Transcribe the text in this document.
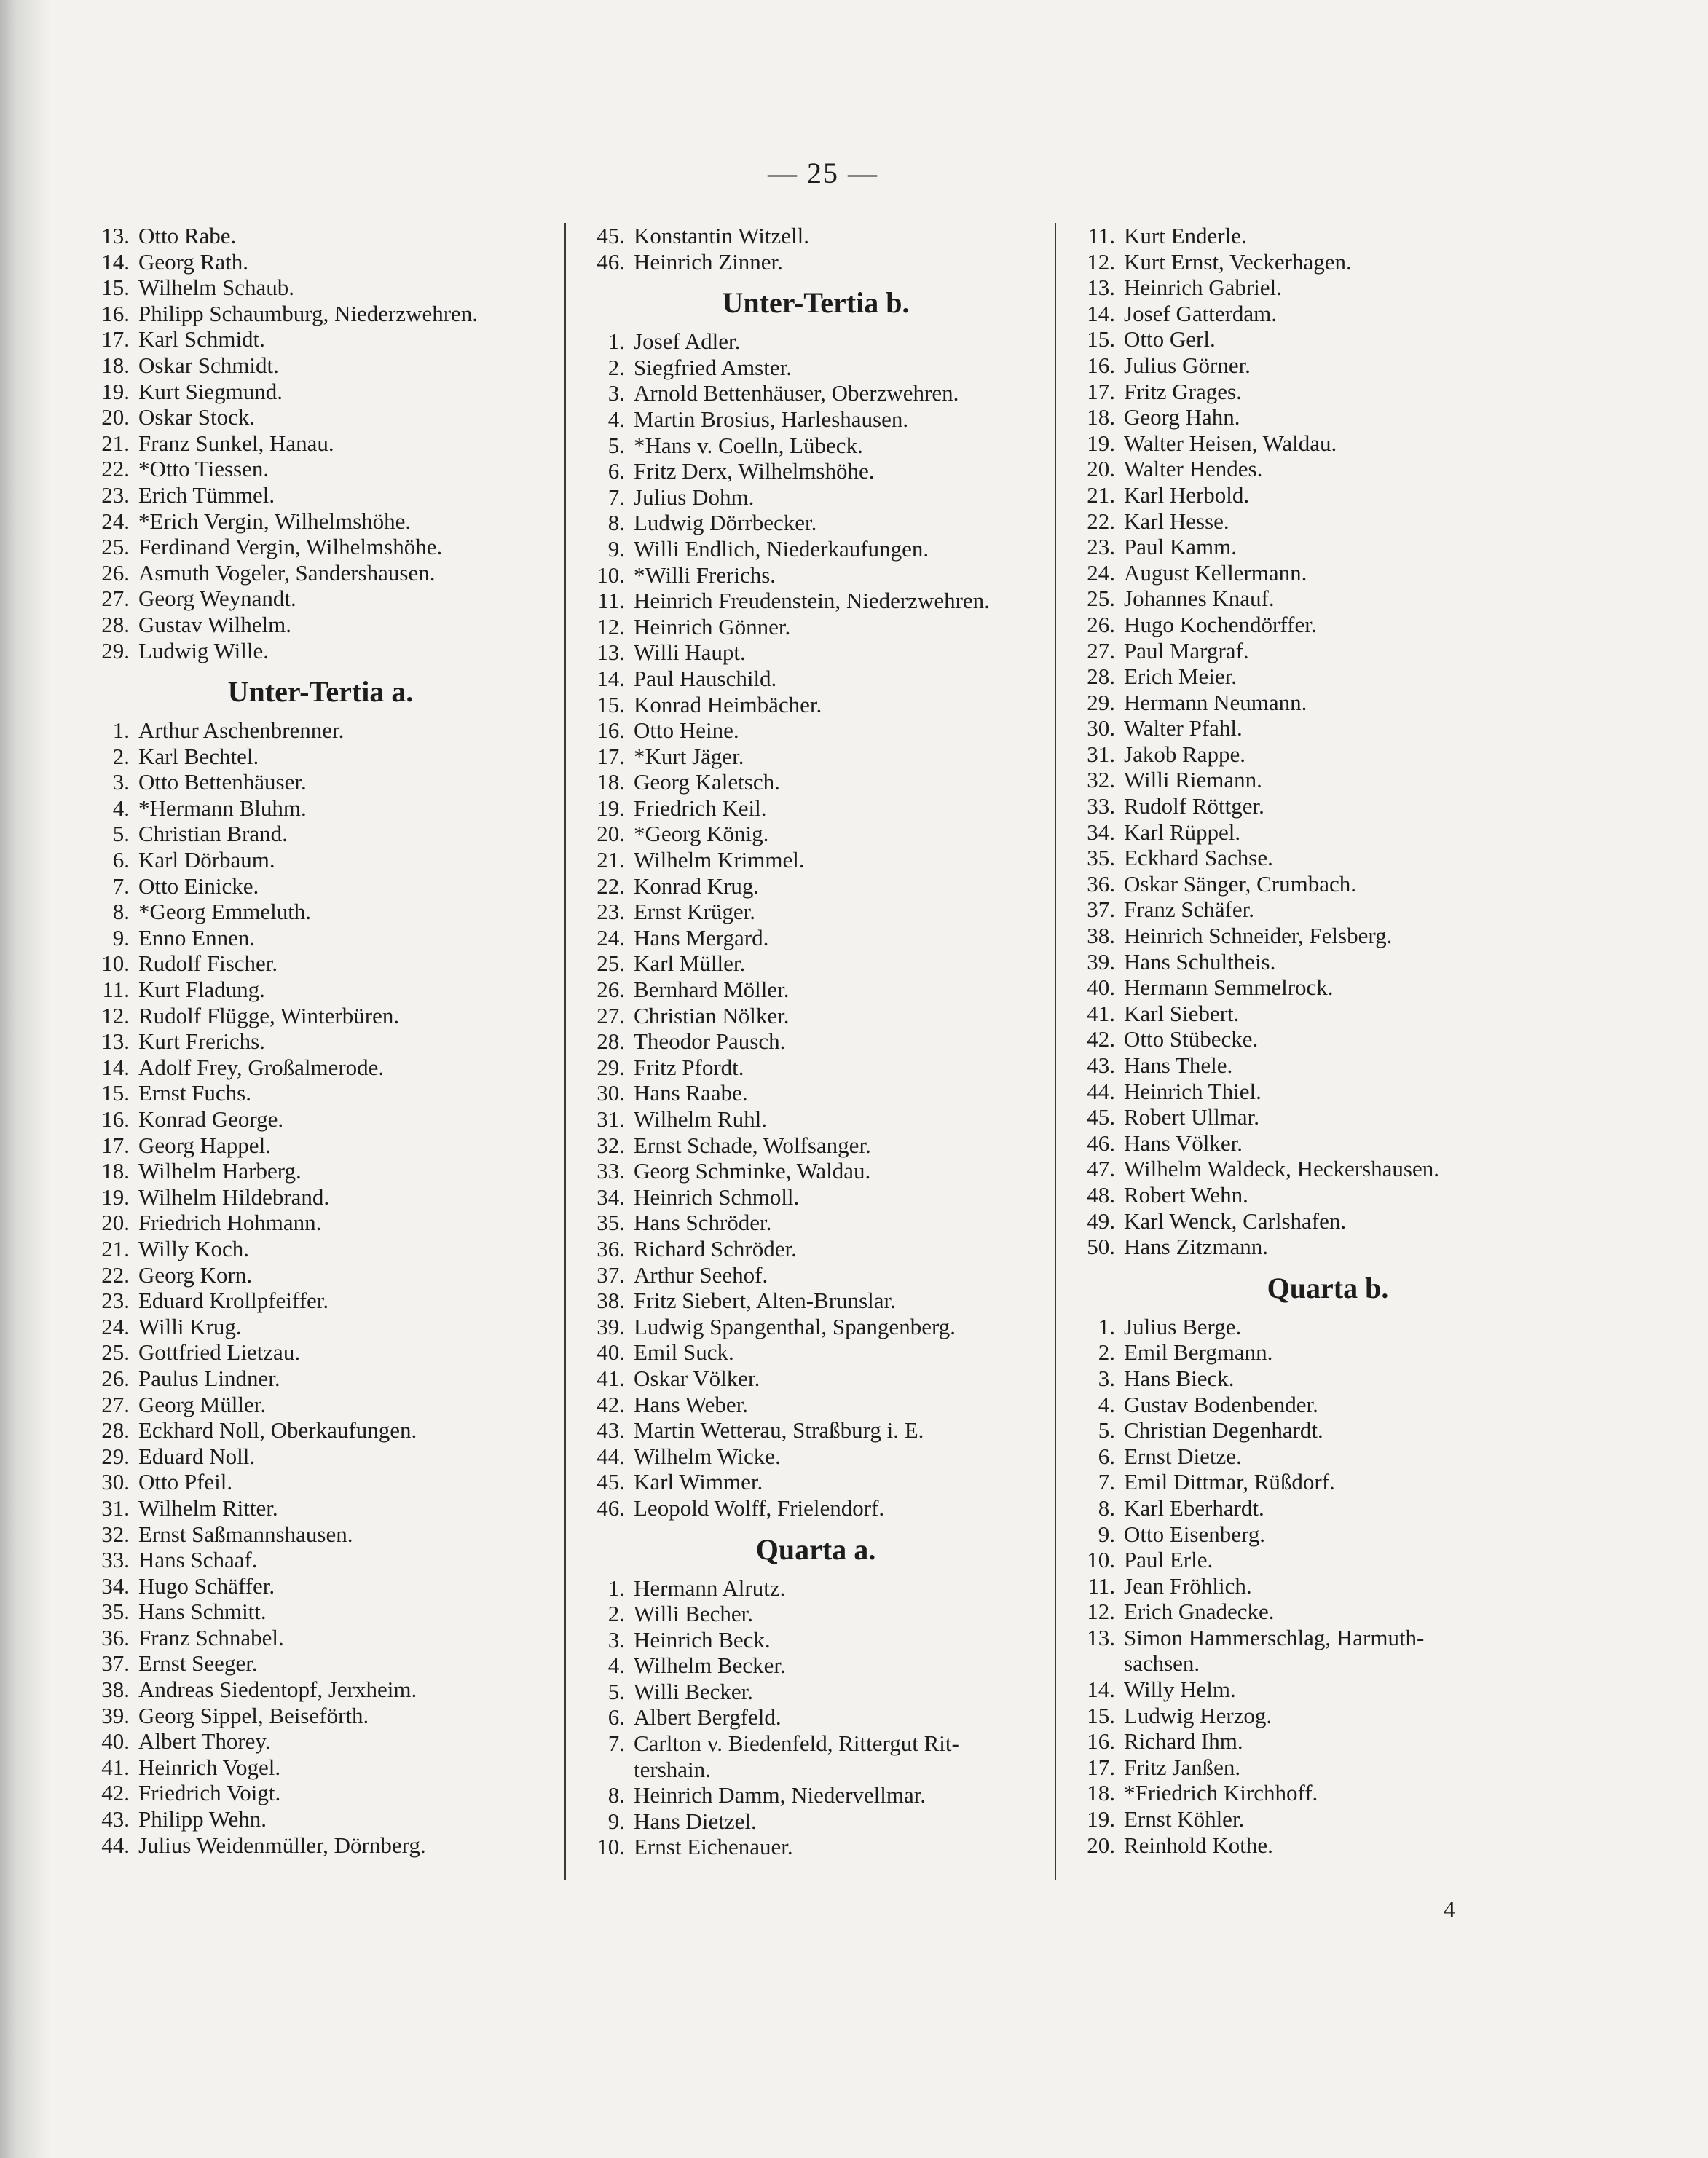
— 25 —
13. Otto Rabe.
14. Georg Rath.
15. Wilhelm Schaub.
16. Philipp Schaumburg, Niederzwehren.
17. Karl Schmidt.
18. Oskar Schmidt.
19. Kurt Siegmund.
20. Oskar Stock.
21. Franz Sunkel, Hanau.
22. *Otto Tiessen.
23. Erich Tümmel.
24. *Erich Vergin, Wilhelmshöhe.
25. Ferdinand Vergin, Wilhelmshöhe.
26. Asmuth Vogeler, Sandershausen.
27. Georg Weynandt.
28. Gustav Wilhelm.
29. Ludwig Wille.
Unter-Tertia a.
1. Arthur Aschenbrenner.
2. Karl Bechtel.
3. Otto Bettenhäuser.
4. *Hermann Bluhm.
5. Christian Brand.
6. Karl Dörbaum.
7. Otto Einicke.
8. *Georg Emmeluth.
9. Enno Ennen.
10. Rudolf Fischer.
11. Kurt Fladung.
12. Rudolf Flügge, Winterbüren.
13. Kurt Frerichs.
14. Adolf Frey, Großalmerode.
15. Ernst Fuchs.
16. Konrad George.
17. Georg Happel.
18. Wilhelm Harberg.
19. Wilhelm Hildebrand.
20. Friedrich Hohmann.
21. Willy Koch.
22. Georg Korn.
23. Eduard Krollpfeiffer.
24. Willi Krug.
25. Gottfried Lietzau.
26. Paulus Lindner.
27. Georg Müller.
28. Eckhard Noll, Oberkaufungen.
29. Eduard Noll.
30. Otto Pfeil.
31. Wilhelm Ritter.
32. Ernst Saßmannshausen.
33. Hans Schaaf.
34. Hugo Schäffer.
35. Hans Schmitt.
36. Franz Schnabel.
37. Ernst Seeger.
38. Andreas Siedentopf, Jerxheim.
39. Georg Sippel, Beiseförth.
40. Albert Thorey.
41. Heinrich Vogel.
42. Friedrich Voigt.
43. Philipp Wehn.
44. Julius Weidenmüller, Dörnberg.
45. Konstantin Witzell.
46. Heinrich Zinner.
Unter-Tertia b.
1. Josef Adler.
2. Siegfried Amster.
3. Arnold Bettenhäuser, Oberzwehren.
4. Martin Brosius, Harleshausen.
5. *Hans v. Coelln, Lübeck.
6. Fritz Derx, Wilhelmshöhe.
7. Julius Dohm.
8. Ludwig Dörrbecker.
9. Willi Endlich, Niederkaufungen.
10. *Willi Frerichs.
11. Heinrich Freudenstein, Niederzwehren.
12. Heinrich Gönner.
13. Willi Haupt.
14. Paul Hauschild.
15. Konrad Heimbächer.
16. Otto Heine.
17. *Kurt Jäger.
18. Georg Kaletsch.
19. Friedrich Keil.
20. *Georg König.
21. Wilhelm Krimmel.
22. Konrad Krug.
23. Ernst Krüger.
24. Hans Mergard.
25. Karl Müller.
26. Bernhard Möller.
27. Christian Nölker.
28. Theodor Pausch.
29. Fritz Pfordt.
30. Hans Raabe.
31. Wilhelm Ruhl.
32. Ernst Schade, Wolfsanger.
33. Georg Schminke, Waldau.
34. Heinrich Schmoll.
35. Hans Schröder.
36. Richard Schröder.
37. Arthur Seehof.
38. Fritz Siebert, Alten-Brunslar.
39. Ludwig Spangenthal, Spangenberg.
40. Emil Suck.
41. Oskar Völker.
42. Hans Weber.
43. Martin Wetterau, Straßburg i. E.
44. Wilhelm Wicke.
45. Karl Wimmer.
46. Leopold Wolff, Frielendorf.
Quarta a.
1. Hermann Alrutz.
2. Willi Becher.
3. Heinrich Beck.
4. Wilhelm Becker.
5. Willi Becker.
6. Albert Bergfeld.
7. Carlton v. Biedenfeld, Rittergut Rit-
tershain.
8. Heinrich Damm, Niedervellmar.
9. Hans Dietzel.
10. Ernst Eichenauer.
11. Kurt Enderle.
12. Kurt Ernst, Veckerhagen.
13. Heinrich Gabriel.
14. Josef Gatterdam.
15. Otto Gerl.
16. Julius Görner.
17. Fritz Grages.
18. Georg Hahn.
19. Walter Heisen, Waldau.
20. Walter Hendes.
21. Karl Herbold.
22. Karl Hesse.
23. Paul Kamm.
24. August Kellermann.
25. Johannes Knauf.
26. Hugo Kochendörffer.
27. Paul Margraf.
28. Erich Meier.
29. Hermann Neumann.
30. Walter Pfahl.
31. Jakob Rappe.
32. Willi Riemann.
33. Rudolf Röttger.
34. Karl Rüppel.
35. Eckhard Sachse.
36. Oskar Sänger, Crumbach.
37. Franz Schäfer.
38. Heinrich Schneider, Felsberg.
39. Hans Schultheis.
40. Hermann Semmelrock.
41. Karl Siebert.
42. Otto Stübecke.
43. Hans Thele.
44. Heinrich Thiel.
45. Robert Ullmar.
46. Hans Völker.
47. Wilhelm Waldeck, Heckershausen.
48. Robert Wehn.
49. Karl Wenck, Carlshafen.
50. Hans Zitzmann.
Quarta b.
1. Julius Berge.
2. Emil Bergmann.
3. Hans Bieck.
4. Gustav Bodenbender.
5. Christian Degenhardt.
6. Ernst Dietze.
7. Emil Dittmar, Rüßdorf.
8. Karl Eberhardt.
9. Otto Eisenberg.
10. Paul Erle.
11. Jean Fröhlich.
12. Erich Gnadecke.
13. Simon Hammerschlag, Harmuth-
sachsen.
14. Willy Helm.
15. Ludwig Herzog.
16. Richard Ihm.
17. Fritz Janßen.
18. *Friedrich Kirchhoff.
19. Ernst Köhler.
20. Reinhold Kothe.
4
